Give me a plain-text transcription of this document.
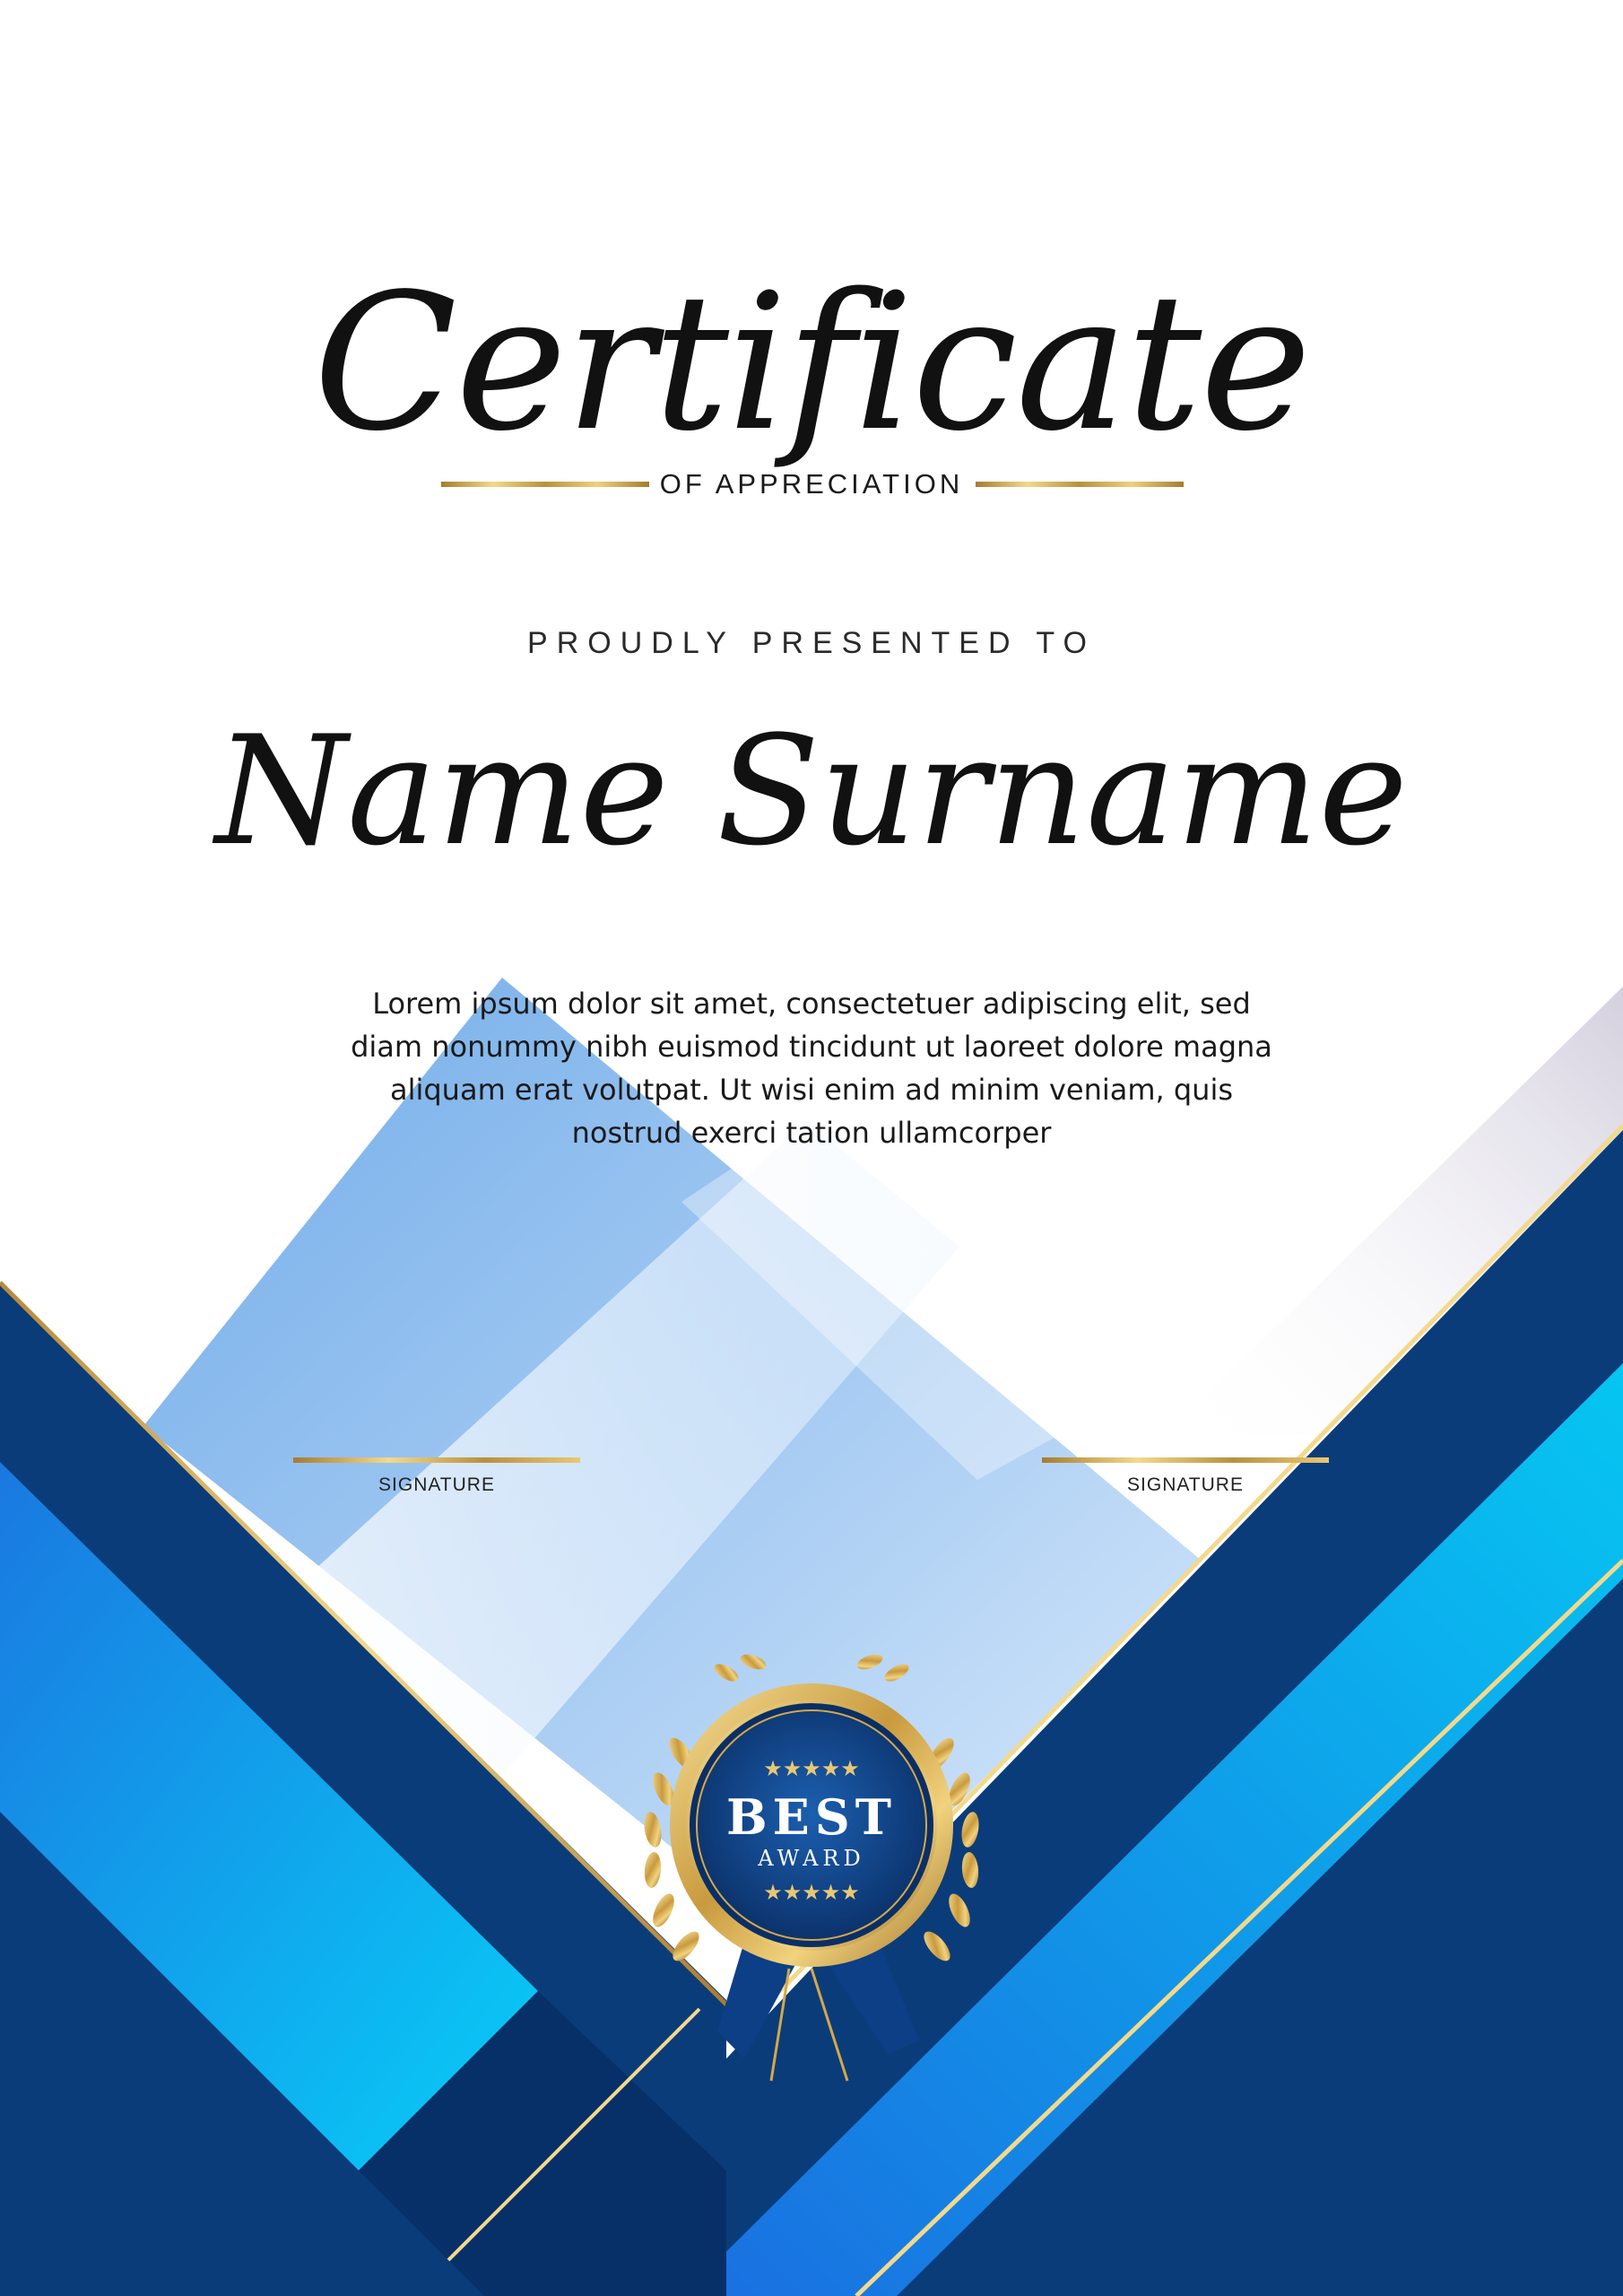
Certificate
OF APPRECIATION
PROUDLY PRESENTED TO
Name Surname

Lorem ipsum dolor sit amet, consectetuer adipiscing elit, sed diam nonummy nibh euismod tincidunt ut laoreet dolore magna aliquam erat volutpat. Ut wisi enim ad minim veniam, quis nostrud exerci tation ullamcorper

SIGNATURE	SIGNATURE
★★★★★
BEST
AWARD
★★★★★
